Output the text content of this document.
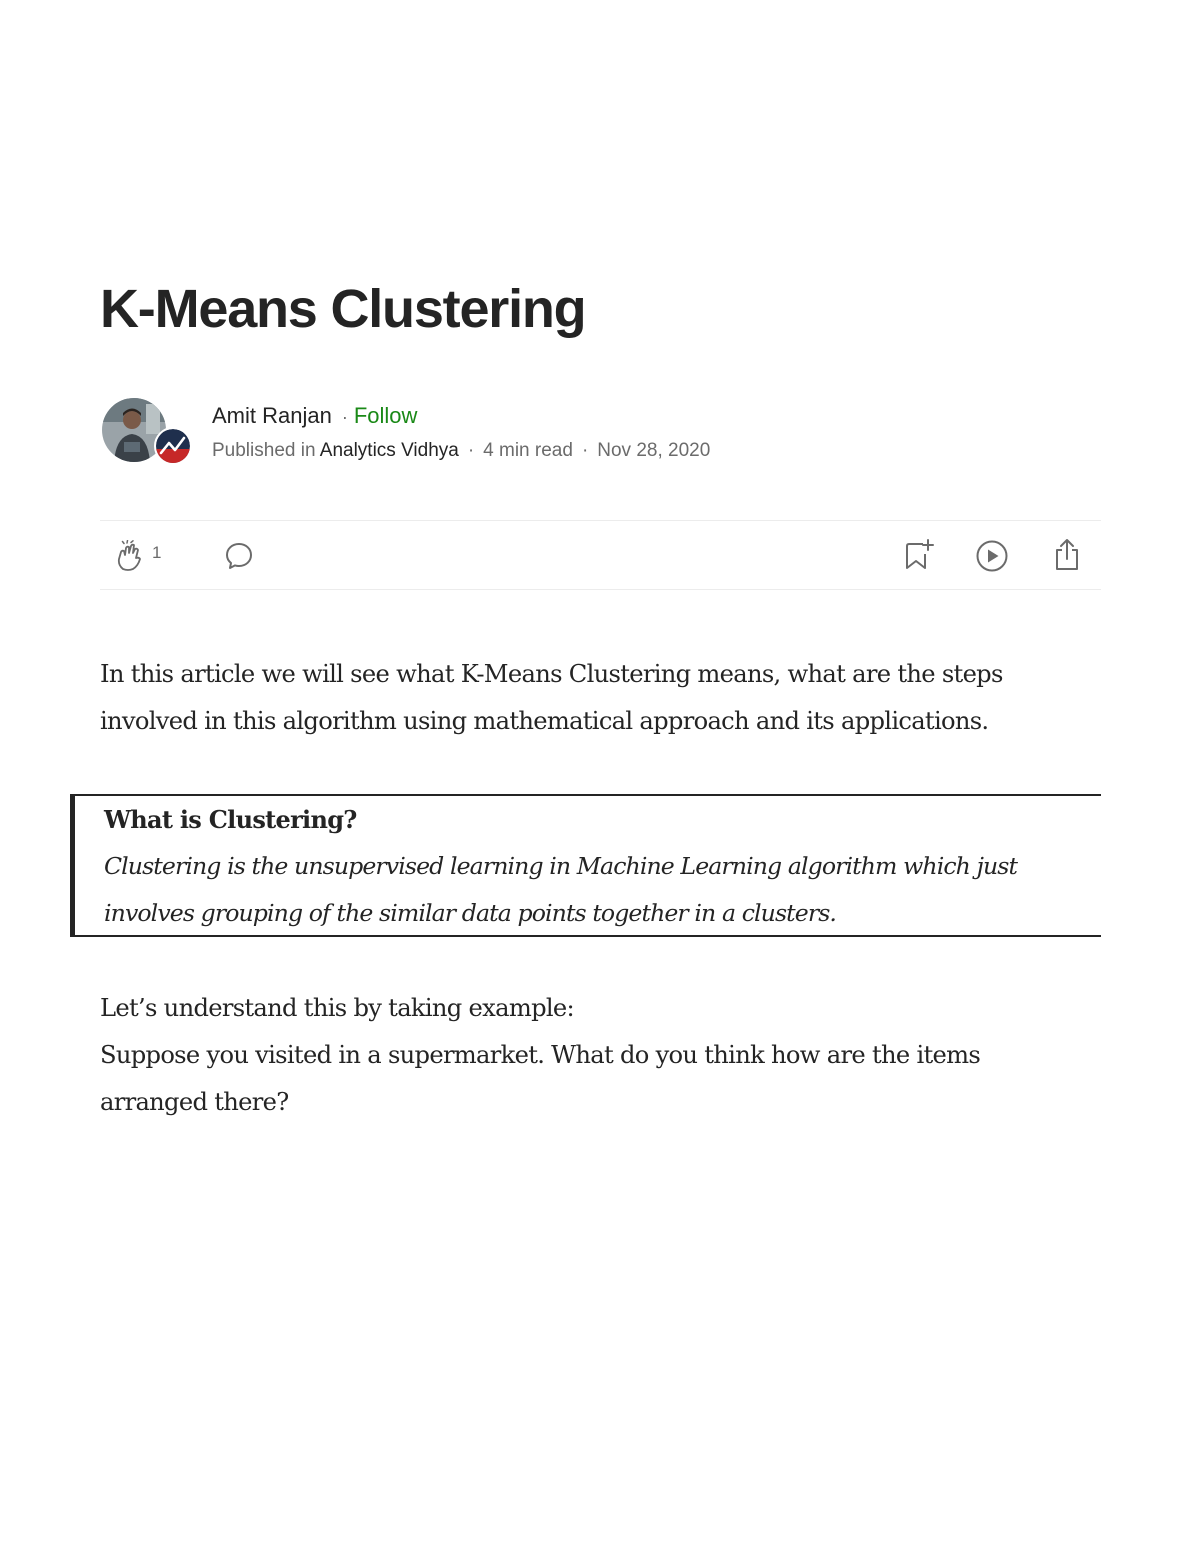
K-Means Clustering
Amit Ranjan · Follow
Published in Analytics Vidhya · 4 min read · Nov 28, 2020
1

In this article we will see what K-Means Clustering means, what are the steps
involved in this algorithm using mathematical approach and its applications.

What is Clustering?
Clustering is the unsupervised learning in Machine Learning algorithm which just
involves grouping of the similar data points together in a clusters.

Let’s understand this by taking example:
Suppose you visited in a supermarket. What do you think how are the items
arranged there?
